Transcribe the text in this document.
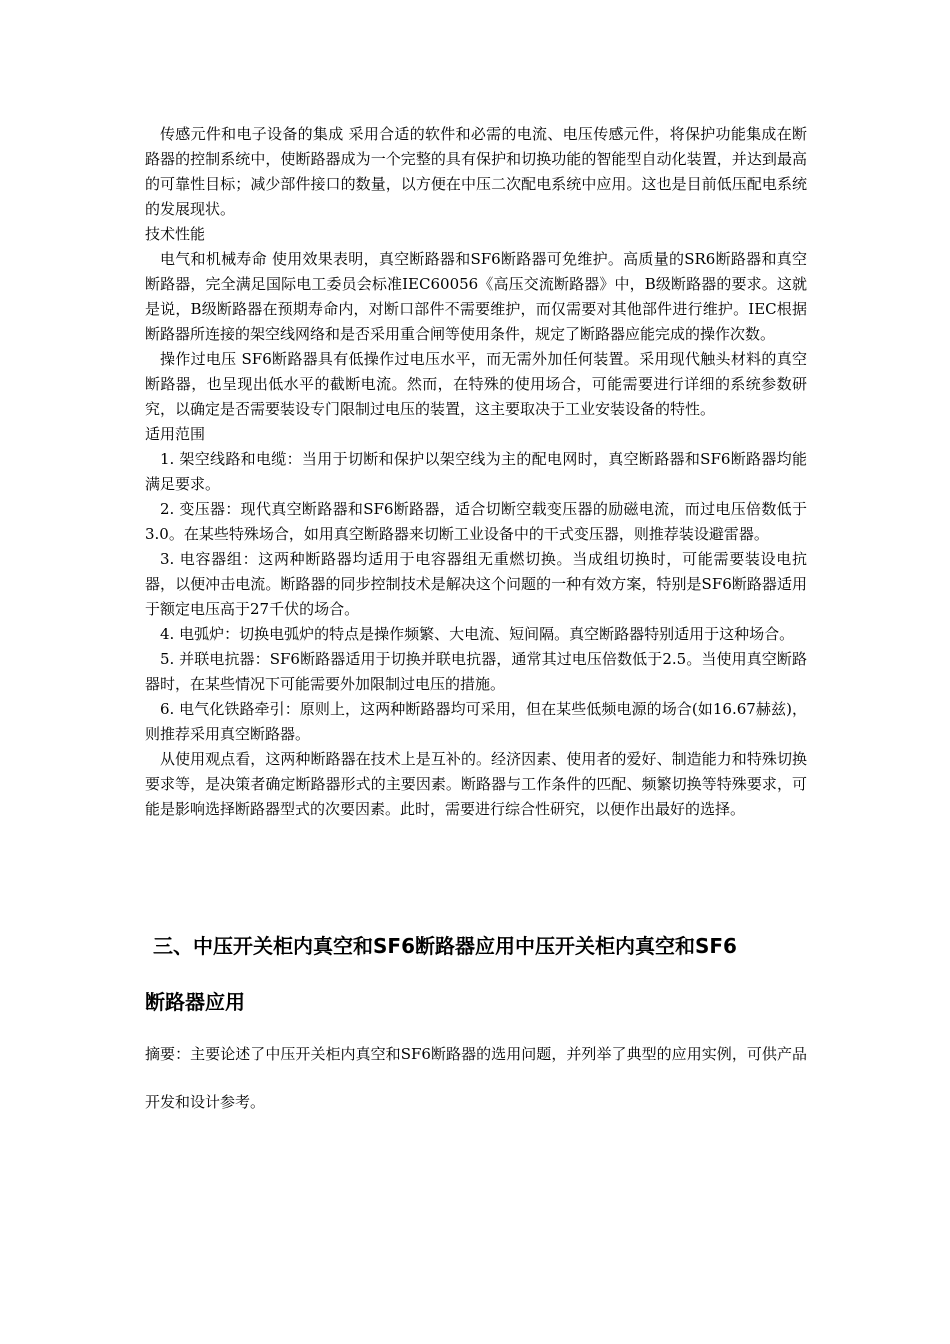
传感元件和电子设备的集成 采用合适的软件和必需的电流、电压传感元件，将保护功能集成在断路器的控制系统中，使断路器成为一个完整的具有保护和切换功能的智能型自动化装置，并达到最高的可靠性目标；减少部件接口的数量，以方便在中压二次配电系统中应用。这也是目前低压配电系统的发展现状。

技术性能

电气和机械寿命 使用效果表明，真空断路器和SF6断路器可免维护。高质量的SR6断路器和真空断路器，完全满足国际电工委员会标准IEC60056《高压交流断路器》中，B级断路器的要求。这就是说，B级断路器在预期寿命内，对断口部件不需要维护，而仅需要对其他部件进行维护。IEC根据断路器所连接的架空线网络和是否采用重合闸等使用条件，规定了断路器应能完成的操作次数。

操作过电压 SF6断路器具有低操作过电压水平，而无需外加任何装置。采用现代触头材料的真空断路器，也呈现出低水平的截断电流。然而，在特殊的使用场合，可能需要进行详细的系统参数研究，以确定是否需要装设专门限制过电压的装置，这主要取决于工业安装设备的特性。

适用范围

1. 架空线路和电缆：当用于切断和保护以架空线为主的配电网时，真空断路器和SF6断路器均能满足要求。

2. 变压器：现代真空断路器和SF6断路器，适合切断空载变压器的励磁电流，而过电压倍数低于3.0。在某些特殊场合，如用真空断路器来切断工业设备中的干式变压器，则推荐装设避雷器。

3. 电容器组：这两种断路器均适用于电容器组无重燃切换。当成组切换时，可能需要装设电抗器，以便冲击电流。断路器的同步控制技术是解决这个问题的一种有效方案，特别是SF6断路器适用于额定电压高于27千伏的场合。

4. 电弧炉：切换电弧炉的特点是操作频繁、大电流、短间隔。真空断路器特别适用于这种场合。

5. 并联电抗器：SF6断路器适用于切换并联电抗器，通常其过电压倍数低于2.5。当使用真空断路器时，在某些情况下可能需要外加限制过电压的措施。

6. 电气化铁路牵引：原则上，这两种断路器均可采用，但在某些低频电源的场合(如16.67赫兹)，则推荐采用真空断路器。

从使用观点看，这两种断路器在技术上是互补的。经济因素、使用者的爱好、制造能力和特殊切换要求等，是决策者确定断路器形式的主要因素。断路器与工作条件的匹配、频繁切换等特殊要求，可能是影响选择断路器型式的次要因素。此时，需要进行综合性研究，以便作出最好的选择。

三、中压开关柜内真空和SF6断路器应用中压开关柜内真空和SF6

断路器应用

摘要：主要论述了中压开关柜内真空和SF6断路器的选用问题，并列举了典型的应用实例，可供产品开发和设计参考。
